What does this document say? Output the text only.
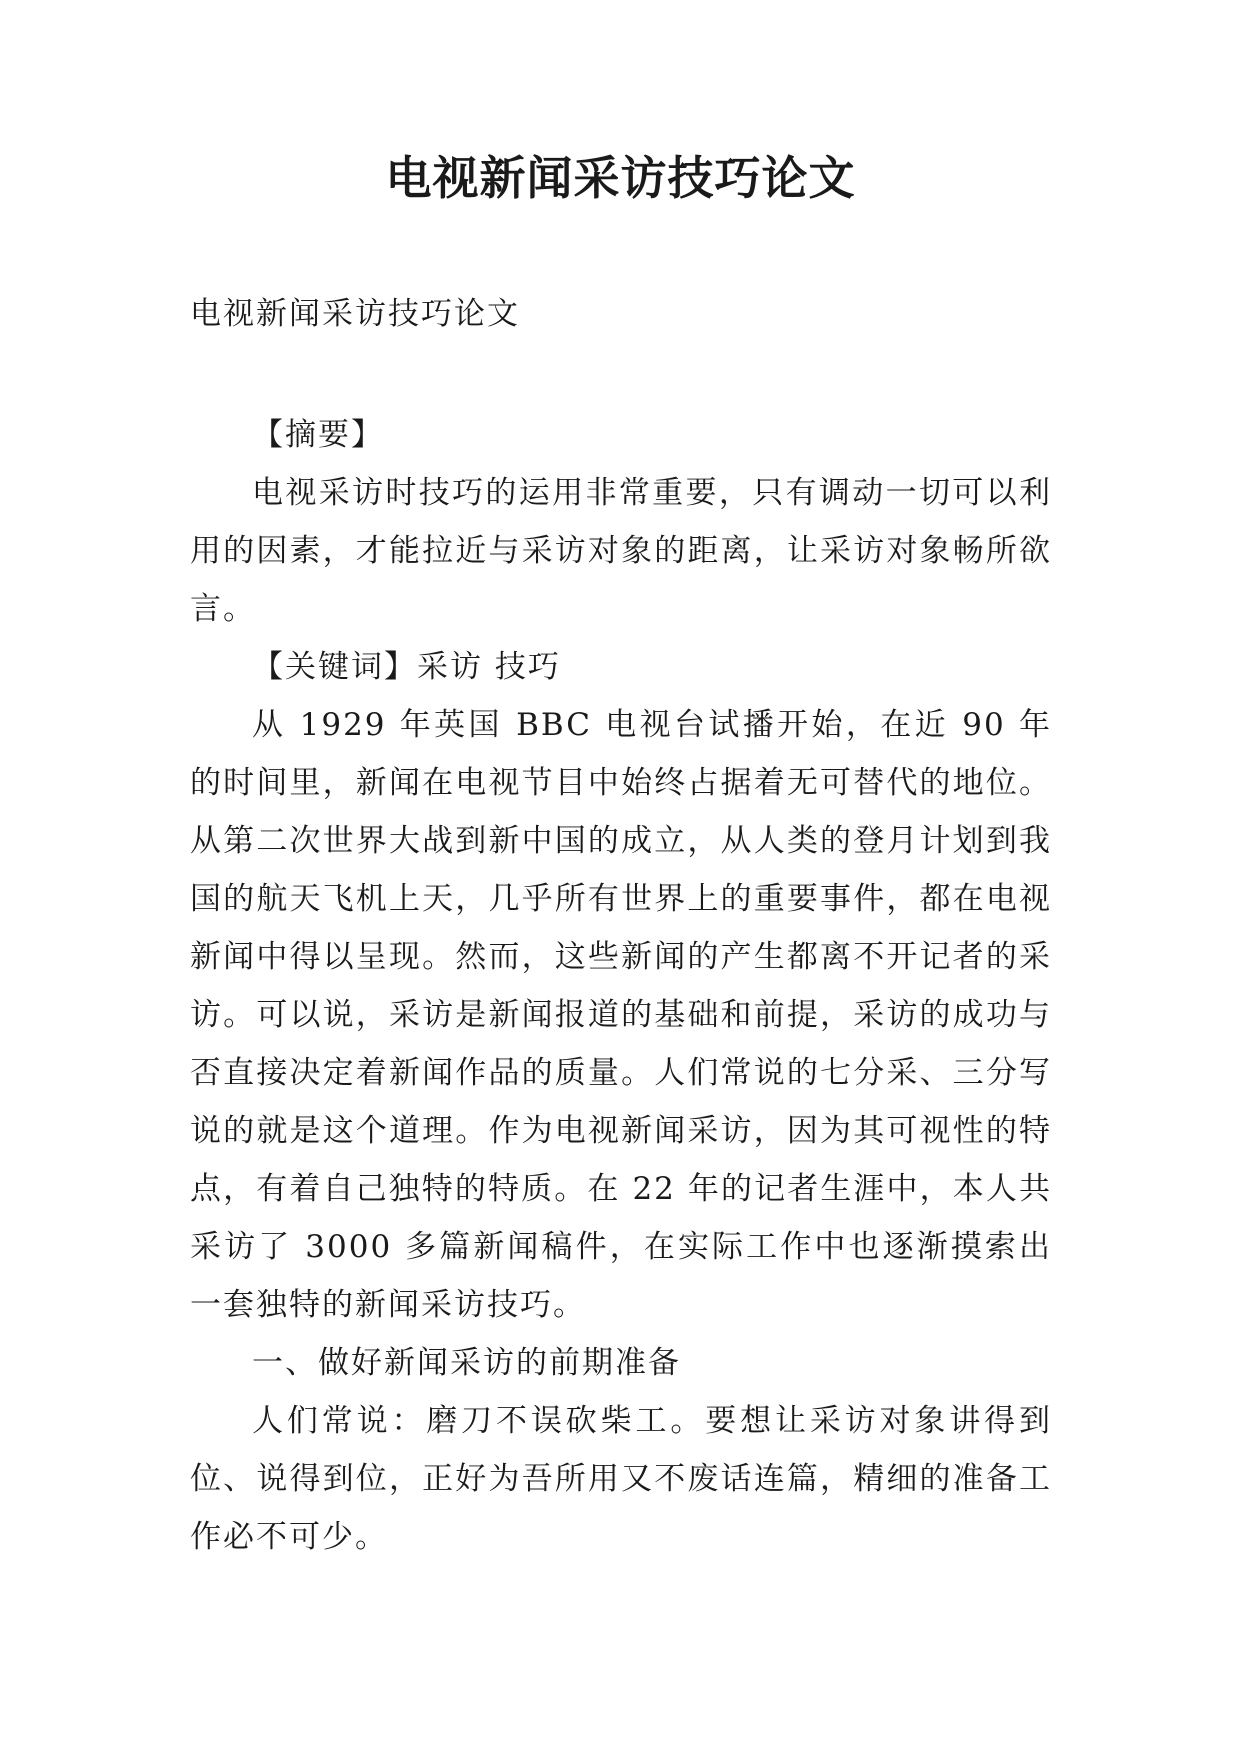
电视新闻采访技巧论文
电视新闻采访技巧论文

【摘要】

电视采访时技巧的运用非常重要，只有调动一切可以利用的因素，才能拉近与采访对象的距离，让采访对象畅所欲言。

【关键词】采访 技巧

从 1929 年英国 BBC 电视台试播开始，在近 90 年的时间里，新闻在电视节目中始终占据着无可替代的地位。从第二次世界大战到新中国的成立，从人类的登月计划到我国的航天飞机上天，几乎所有世界上的重要事件，都在电视新闻中得以呈现。然而，这些新闻的产生都离不开记者的采访。可以说，采访是新闻报道的基础和前提，采访的成功与否直接决定着新闻作品的质量。人们常说的七分采、三分写说的就是这个道理。作为电视新闻采访，因为其可视性的特点，有着自己独特的特质。在 22 年的记者生涯中，本人共采访了 3000 多篇新闻稿件，在实际工作中也逐渐摸索出一套独特的新闻采访技巧。

一、做好新闻采访的前期准备

人们常说：磨刀不误砍柴工。要想让采访对象讲得到位、说得到位，正好为吾所用又不废话连篇，精细的准备工作必不可少。
